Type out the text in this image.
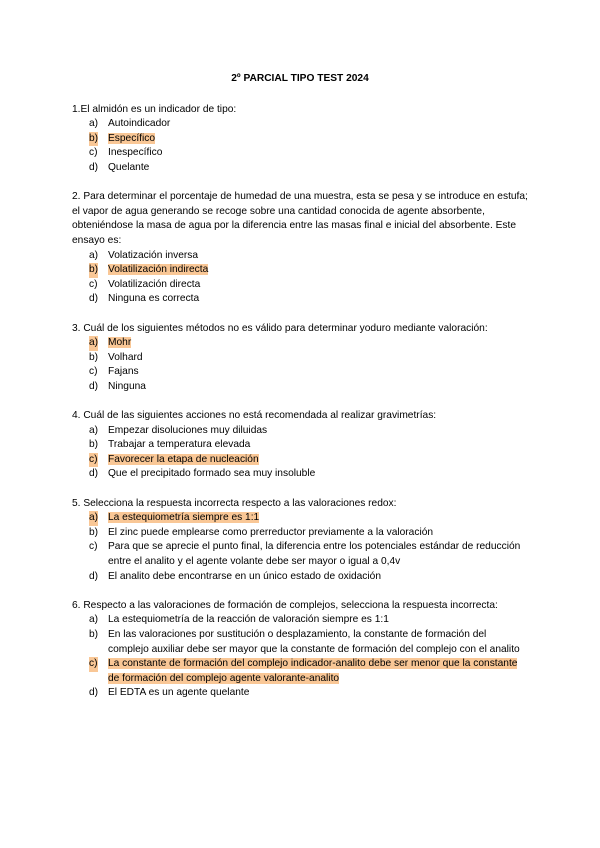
2º PARCIAL TIPO TEST 2024

1.El almidón es un indicador de tipo:

a) Autoindicador
b) Específico
c) Inespecífico
d) Quelante

2. Para determinar el porcentaje de humedad de una muestra, esta se pesa y se introduce en estufa; el vapor de agua generando se recoge sobre una cantidad conocida de agente absorbente, obteniéndose la masa de agua por la diferencia entre las masas final e inicial del absorbente. Este ensayo es:

a) Volatización inversa
b) Volatilización indirecta
c) Volatilización directa
d) Ninguna es correcta

3. Cuál de los siguientes métodos no es válido para determinar yoduro mediante valoración:

a) Mohr
b) Volhard
c) Fajans
d) Ninguna

4. Cuál de las siguientes acciones no está recomendada al realizar gravimetrías:

a) Empezar disoluciones muy diluidas
b) Trabajar a temperatura elevada
c) Favorecer la etapa de nucleación
d) Que el precipitado formado sea muy insoluble

5. Selecciona la respuesta incorrecta respecto a las valoraciones redox:

a) La estequiometría siempre es 1:1
b) El zinc puede emplearse como prerreductor previamente a la valoración
c) Para que se aprecie el punto final, la diferencia entre los potenciales estándar de reducción entre el analito y el agente volante debe ser mayor o igual a 0,4v
d) El analito debe encontrarse en un único estado de oxidación

6. Respecto a las valoraciones de formación de complejos, selecciona la respuesta incorrecta:

a) La estequiometría de la reacción de valoración siempre es 1:1
b) En las valoraciones por sustitución o desplazamiento, la constante de formación del complejo auxiliar debe ser mayor que la constante de formación del complejo con el analito
c) La constante de formación del complejo indicador-analito debe ser menor que la constante de formación del complejo agente valorante-analito
d) El EDTA es un agente quelante
